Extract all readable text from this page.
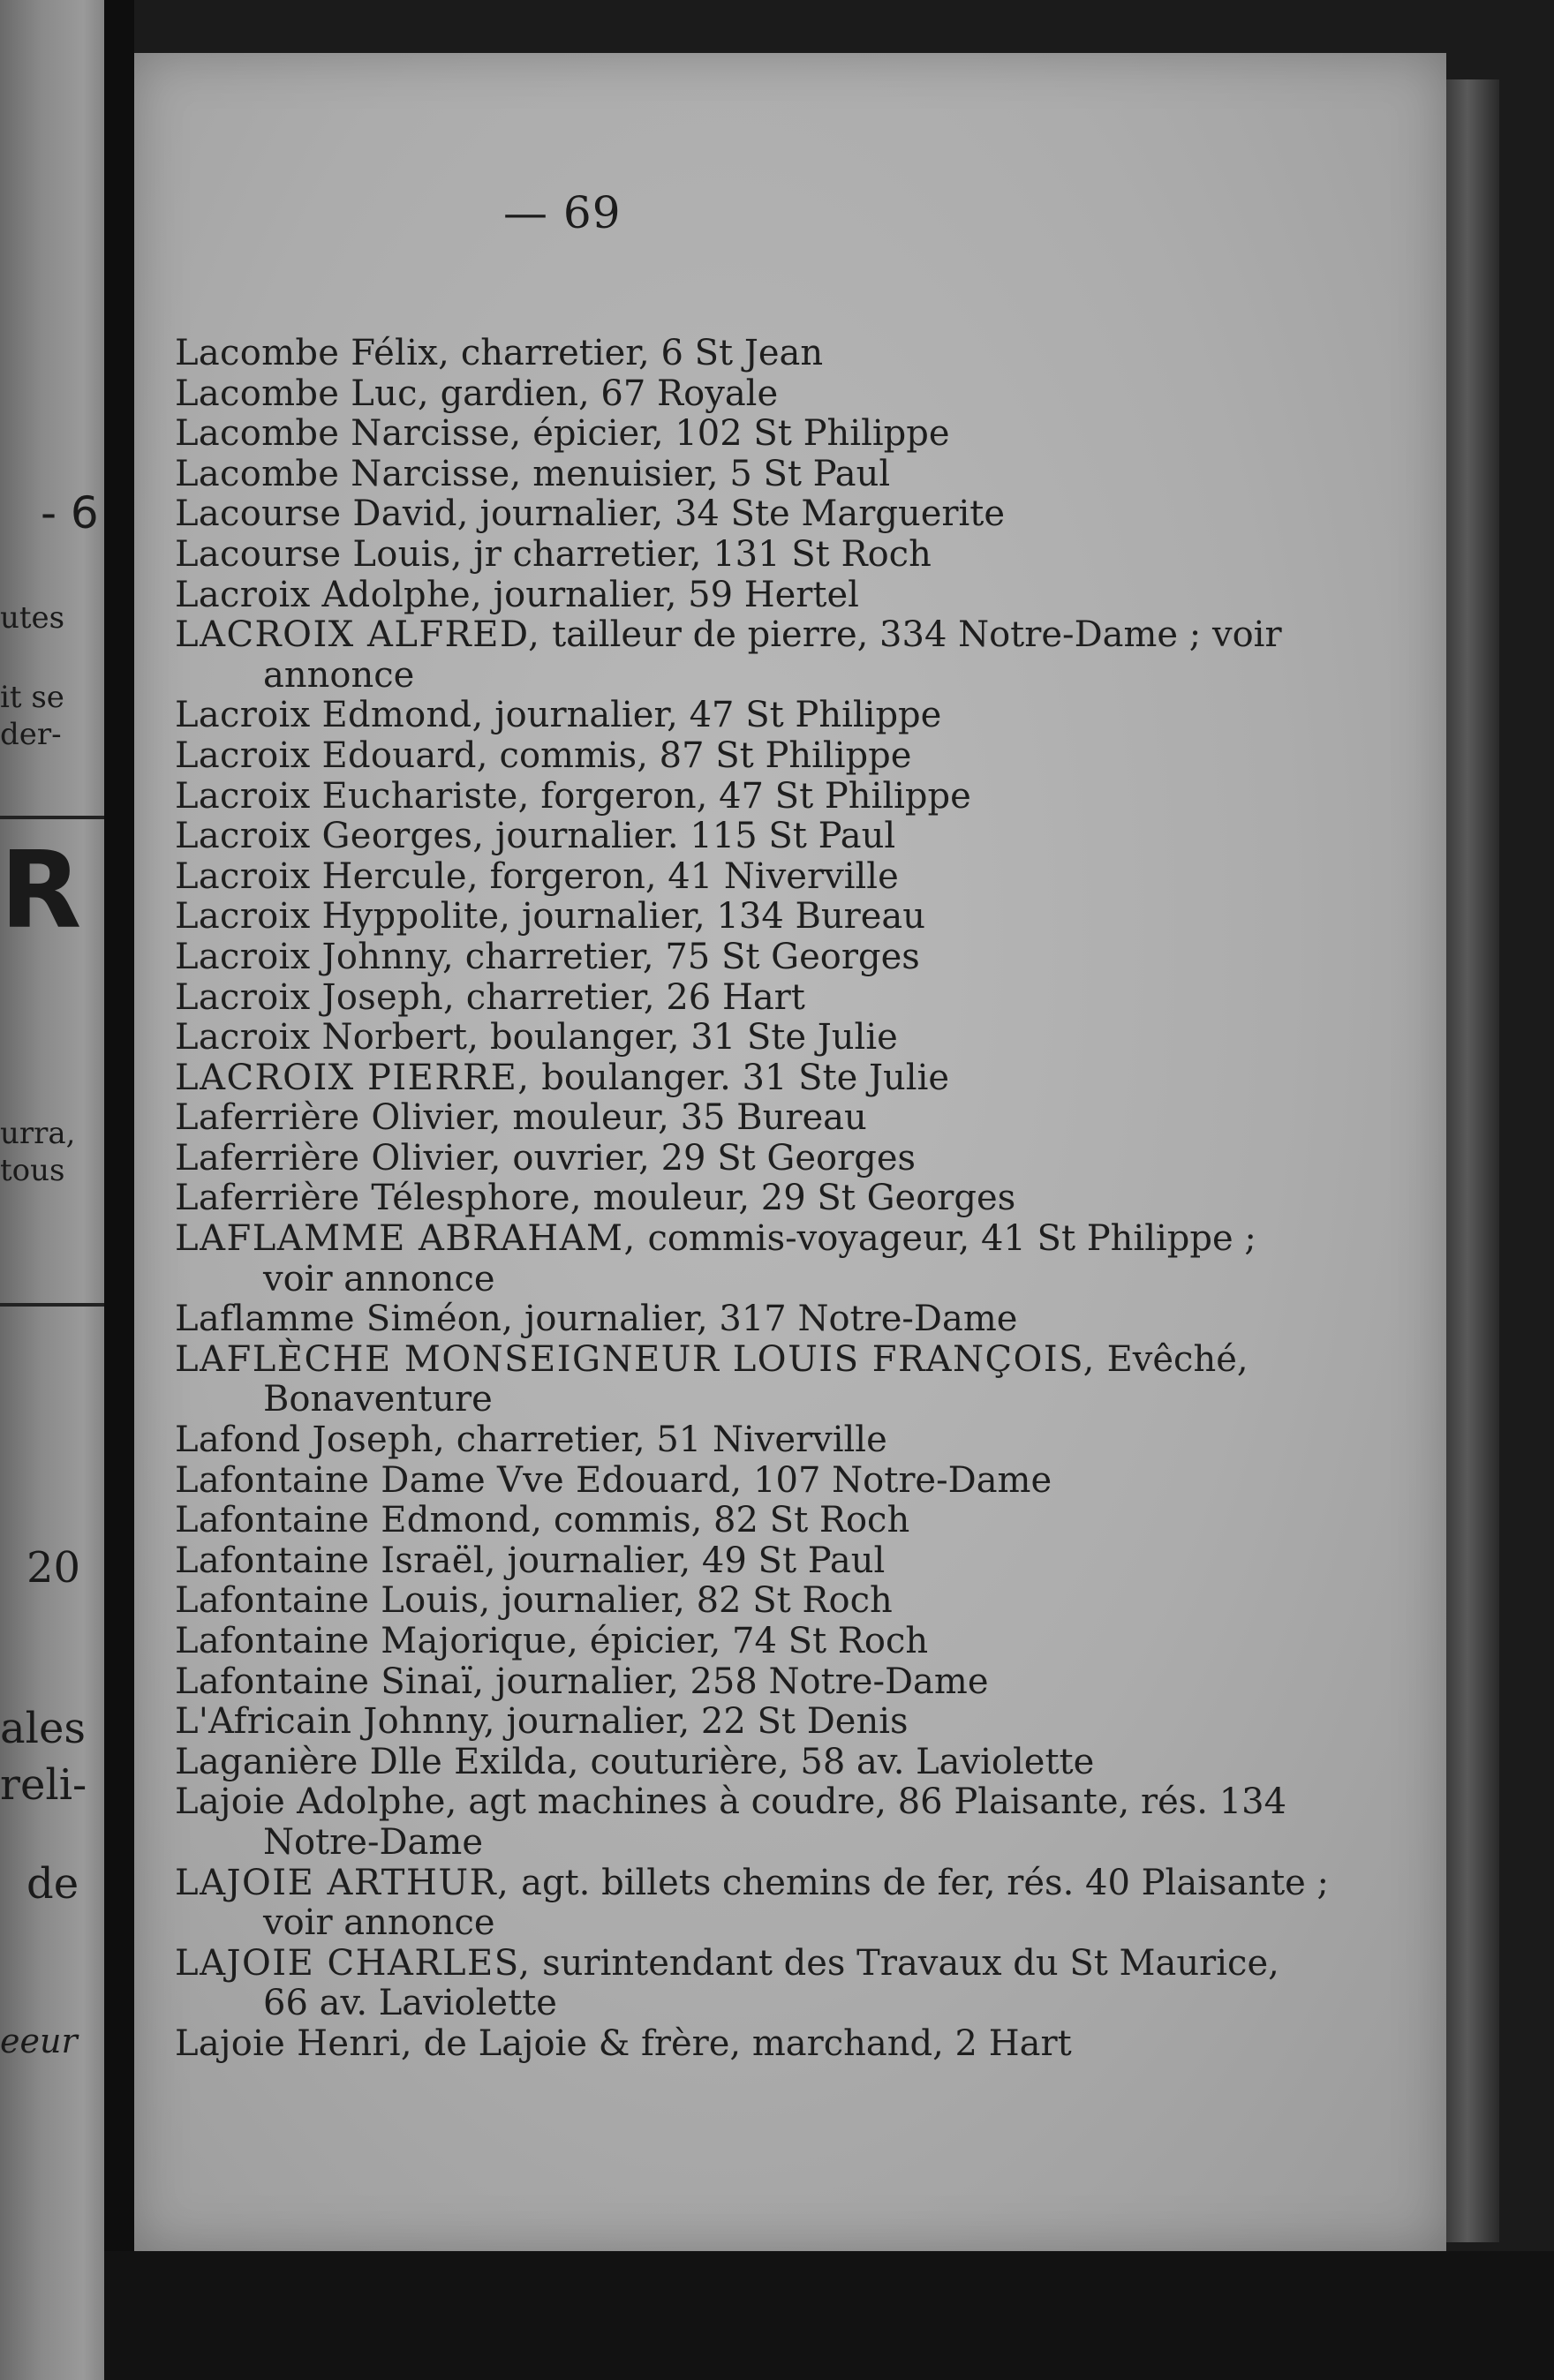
- 6
utes
it se
der-
R
urra,
tous
20
ales
reli-
de
eeur
— 69
Lacombe Félix, charretier, 6 St Jean
Lacombe Luc, gardien, 67 Royale
Lacombe Narcisse, épicier, 102 St Philippe
Lacombe Narcisse, menuisier, 5 St Paul
Lacourse David, journalier, 34 Ste Marguerite
Lacourse Louis, jr charretier, 131 St Roch
Lacroix Adolphe, journalier, 59 Hertel
LACROIX ALFRED, tailleur de pierre, 334 Notre-Dame ; voir
annonce
Lacroix Edmond, journalier, 47 St Philippe
Lacroix Edouard, commis, 87 St Philippe
Lacroix Euchariste, forgeron, 47 St Philippe
Lacroix Georges, journalier. 115 St Paul
Lacroix Hercule, forgeron, 41 Niverville
Lacroix Hyppolite, journalier, 134 Bureau
Lacroix Johnny, charretier, 75 St Georges
Lacroix Joseph, charretier, 26 Hart
Lacroix Norbert, boulanger, 31 Ste Julie
LACROIX PIERRE, boulanger. 31 Ste Julie
Laferrière Olivier, mouleur, 35 Bureau
Laferrière Olivier, ouvrier, 29 St Georges
Laferrière Télesphore, mouleur, 29 St Georges
LAFLAMME ABRAHAM, commis-voyageur, 41 St Philippe ;
voir annonce
Laflamme Siméon, journalier, 317 Notre-Dame
LAFLÈCHE MONSEIGNEUR LOUIS FRANÇOIS, Evêché,
Bonaventure
Lafond Joseph, charretier, 51 Niverville
Lafontaine Dame Vve Edouard, 107 Notre-Dame
Lafontaine Edmond, commis, 82 St Roch
Lafontaine Israël, journalier, 49 St Paul
Lafontaine Louis, journalier, 82 St Roch
Lafontaine Majorique, épicier, 74 St Roch
Lafontaine Sinaï, journalier, 258 Notre-Dame
L'Africain Johnny, journalier, 22 St Denis
Laganière Dlle Exilda, couturière, 58 av. Laviolette
Lajoie Adolphe, agt machines à coudre, 86 Plaisante, rés. 134
Notre-Dame
LAJOIE ARTHUR, agt. billets chemins de fer, rés. 40 Plaisante ;
voir annonce
LAJOIE CHARLES, surintendant des Travaux du St Maurice,
66 av. Laviolette
Lajoie Henri, de Lajoie & frère, marchand, 2 Hart
